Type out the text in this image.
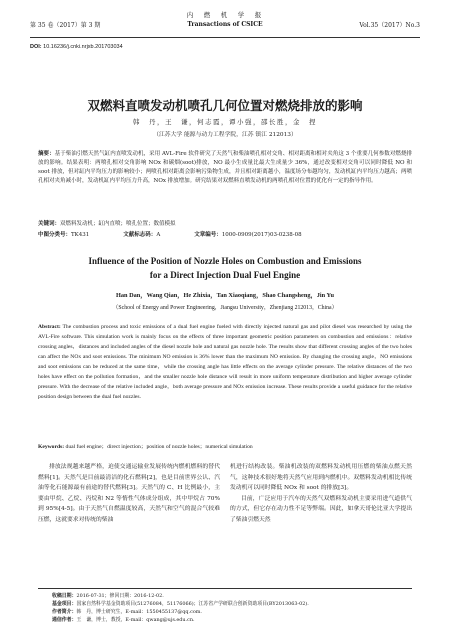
第 35 卷（2017）第 3 期
内　燃　机　学　报
Transactions of CSICE	Vol.35（2017）No.3
DOI: 10.16236/j.cnki.nrjxb.201703034
双燃料直喷发动机喷孔几何位置对燃烧排放的影响
韩　丹，王　谦，何志霞，谭小强，邵长胜，金　捏
（江苏大学 能源与动力工程学院，江苏 镇江 212013）
摘要：基于柴油引燃天然气缸内直喷发动机，采用 AVL-Fire 软件研究了天然气和柴油喷孔相对交角、相对距离和相对夹角这 3 个重要几何参数对燃烧排放的影响。结果表明：两喷孔相对交角影响 NOx 和碳烟(soot)排放，NO 最小生成量比最大生成量少 36%，通过改变相对交角可以同时降低 NO 和 soot 排放，但对缸内平均压力的影响较小；两喷孔相对距离会影响污染物生成，并且相对距离越小，温度场分布越均匀，发动机缸内平均压力越高；两喷孔相对夹角减小时，发动机缸内平均压力升高，NOx 排放增加。研究结果对双燃料直喷发动机的两喷孔相对位置的优化有一定的指导作用。
关键词：双燃料发动机；缸内直喷；喷孔位置；数值模拟
中图分类号：TK431	文献标志码：A	文章编号：1000-0909(2017)03-0238-08
Influence of the Position of Nozzle Holes on Combustion and Emissions
for a Direct Injection Dual Fuel Engine
Han Dan，Wang Qian，He Zhixia，Tan Xiaoqiang，Shao Changsheng，Jin Yu
（School of Energy and Power Engineering，Jiangsu University，Zhenjiang 212013，China）
Abstract: The combustion process and toxic emissions of a dual fuel engine fueled with directly injected natural gas and pilot diesel was researched by using the AVL-Fire software. This simulation work is mainly focus on the effects of three important geometric position parameters on combustion and emissions：relative crossing angles，distances and included angles of the diesel nozzle hole and natural gas nozzle hole. The results show that different crossing angles of the two holes can affect the NOx and soot emissions. The minimum NO emission is 36% lower than the maximum NO emission. By changing the crossing angle，NO emissions and soot emissions can be reduced at the same time，while the crossing angle has little effects on the average cylinder pressure. The relative distances of the two holes have effect on the pollution formation，and the smaller nozzle hole distance will result in more uniform temperature distribution and higher average cylinder pressure. With the decrease of the relative included angle，both average pressure and NOx emission increase. These results provide a useful guidance for the relative position design between the dual fuel nozzles.
Keywords: dual fuel engine；direct injection；position of nozzle holes；numerical simulation

排放法规越来越严格，迫使交通运输业发展传统内燃机燃料的替代燃料[1]。天然气是目前最清洁的化石燃料[2]，也是目前世界公认、汽油等化石能源最有前途的替代燃料[3]。天然气的 C、H 比例最小，主要由甲烷、乙烷、丙烷和 N2 等惰性气体成分组成，其中甲烷占 70%到 95%[4-5]。由于天然气自燃温度较高，天然气和空气的混合气较难压燃，这就要求对传统的柴油

机进行结构改装。柴油机改装的双燃料发动机用压燃的柴油点燃天然气，这种技术很好地将天然气应用到内燃机中。双燃料发动机相比传统发动机可以同时降低 NOx 和 soot 的排放[3]。

目前，广泛应用于汽车的天然气双燃料发动机主要采用进气道供气的方式，但它存在动力性不足等弊端。因此，如拿天哥伦比亚大学提出了柴油引燃天然

收稿日期：2016-07-31；修回日期：2016-12-02.
基金项目：国家自然科学基金资助项目(51276084，51176066)；江苏省产学研联合创新资助项目(BY2013063-02).
作者简介：韩　丹，博士研究生，E-mail：1550455137@qq.com.
通信作者：王　谦，博士，教授，E-mail：qwang@ujs.edu.cn.
